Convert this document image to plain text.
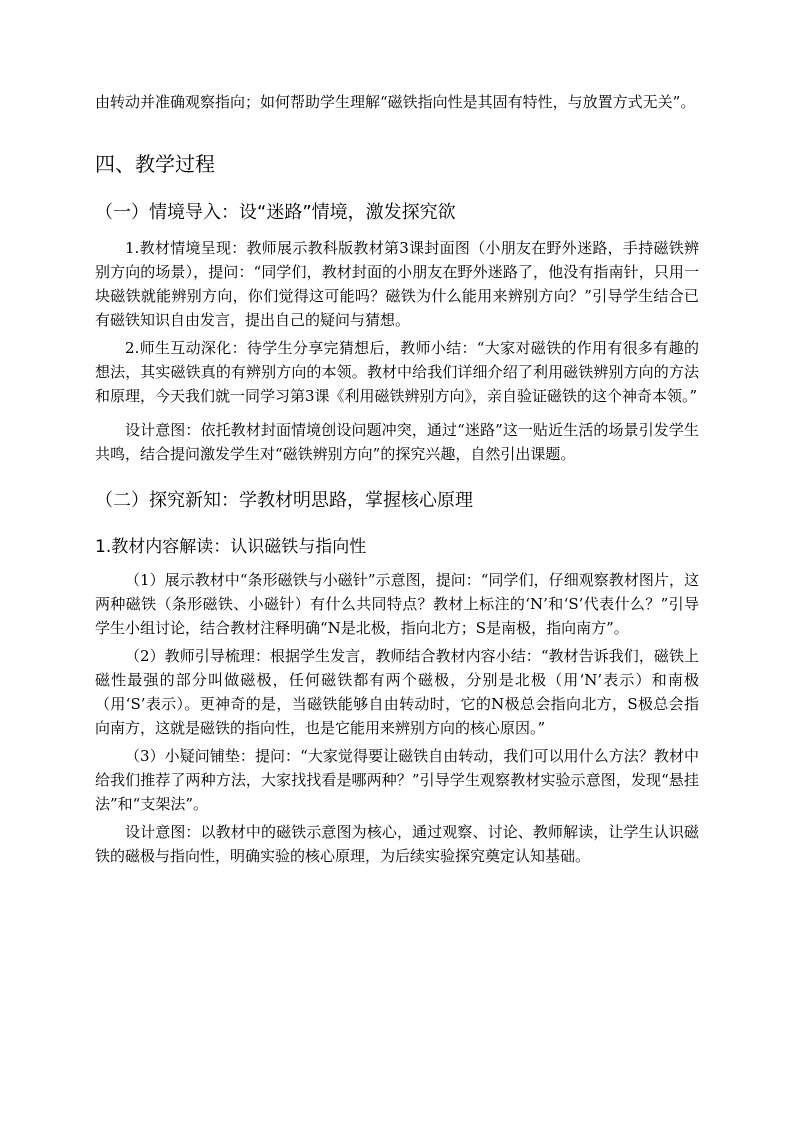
由转动并准确观察指向；如何帮助学生理解“磁铁指向性是其固有特性，与放置方式无关”。

四、教学过程
（一）情境导入：设“迷路”情境，激发探究欲

1.教材情境呈现：教师展示教科版教材第3课封面图（小朋友在野外迷路，手持磁铁辨别方向的场景），提问：“同学们，教材封面的小朋友在野外迷路了，他没有指南针，只用一块磁铁就能辨别方向，你们觉得这可能吗？磁铁为什么能用来辨别方向？”引导学生结合已有磁铁知识自由发言，提出自己的疑问与猜想。

2.师生互动深化：待学生分享完猜想后，教师小结：“大家对磁铁的作用有很多有趣的想法，其实磁铁真的有辨别方向的本领。教材中给我们详细介绍了利用磁铁辨别方向的方法和原理，今天我们就一同学习第3课《利用磁铁辨别方向》，亲自验证磁铁的这个神奇本领。”

设计意图：依托教材封面情境创设问题冲突，通过“迷路”这一贴近生活的场景引发学生共鸣，结合提问激发学生对“磁铁辨别方向”的探究兴趣，自然引出课题。

（二）探究新知：学教材明思路，掌握核心原理
1.教材内容解读：认识磁铁与指向性

（1）展示教材中“条形磁铁与小磁针”示意图，提问：“同学们，仔细观察教材图片，这两种磁铁（条形磁铁、小磁针）有什么共同特点？教材上标注的‘N’和‘S’代表什么？”引导学生小组讨论，结合教材注释明确“N是北极，指向北方；S是南极，指向南方”。

（2）教师引导梳理：根据学生发言，教师结合教材内容小结：“教材告诉我们，磁铁上磁性最强的部分叫做磁极，任何磁铁都有两个磁极，分别是北极（用‘N’表示）和南极（用‘S’表示）。更神奇的是，当磁铁能够自由转动时，它的N极总会指向北方，S极总会指向南方，这就是磁铁的指向性，也是它能用来辨别方向的核心原因。”

（3）小疑问铺垫：提问：“大家觉得要让磁铁自由转动，我们可以用什么方法？教材中给我们推荐了两种方法，大家找找看是哪两种？”引导学生观察教材实验示意图，发现“悬挂法”和“支架法”。

设计意图：以教材中的磁铁示意图为核心，通过观察、讨论、教师解读，让学生认识磁铁的磁极与指向性，明确实验的核心原理，为后续实验探究奠定认知基础。
